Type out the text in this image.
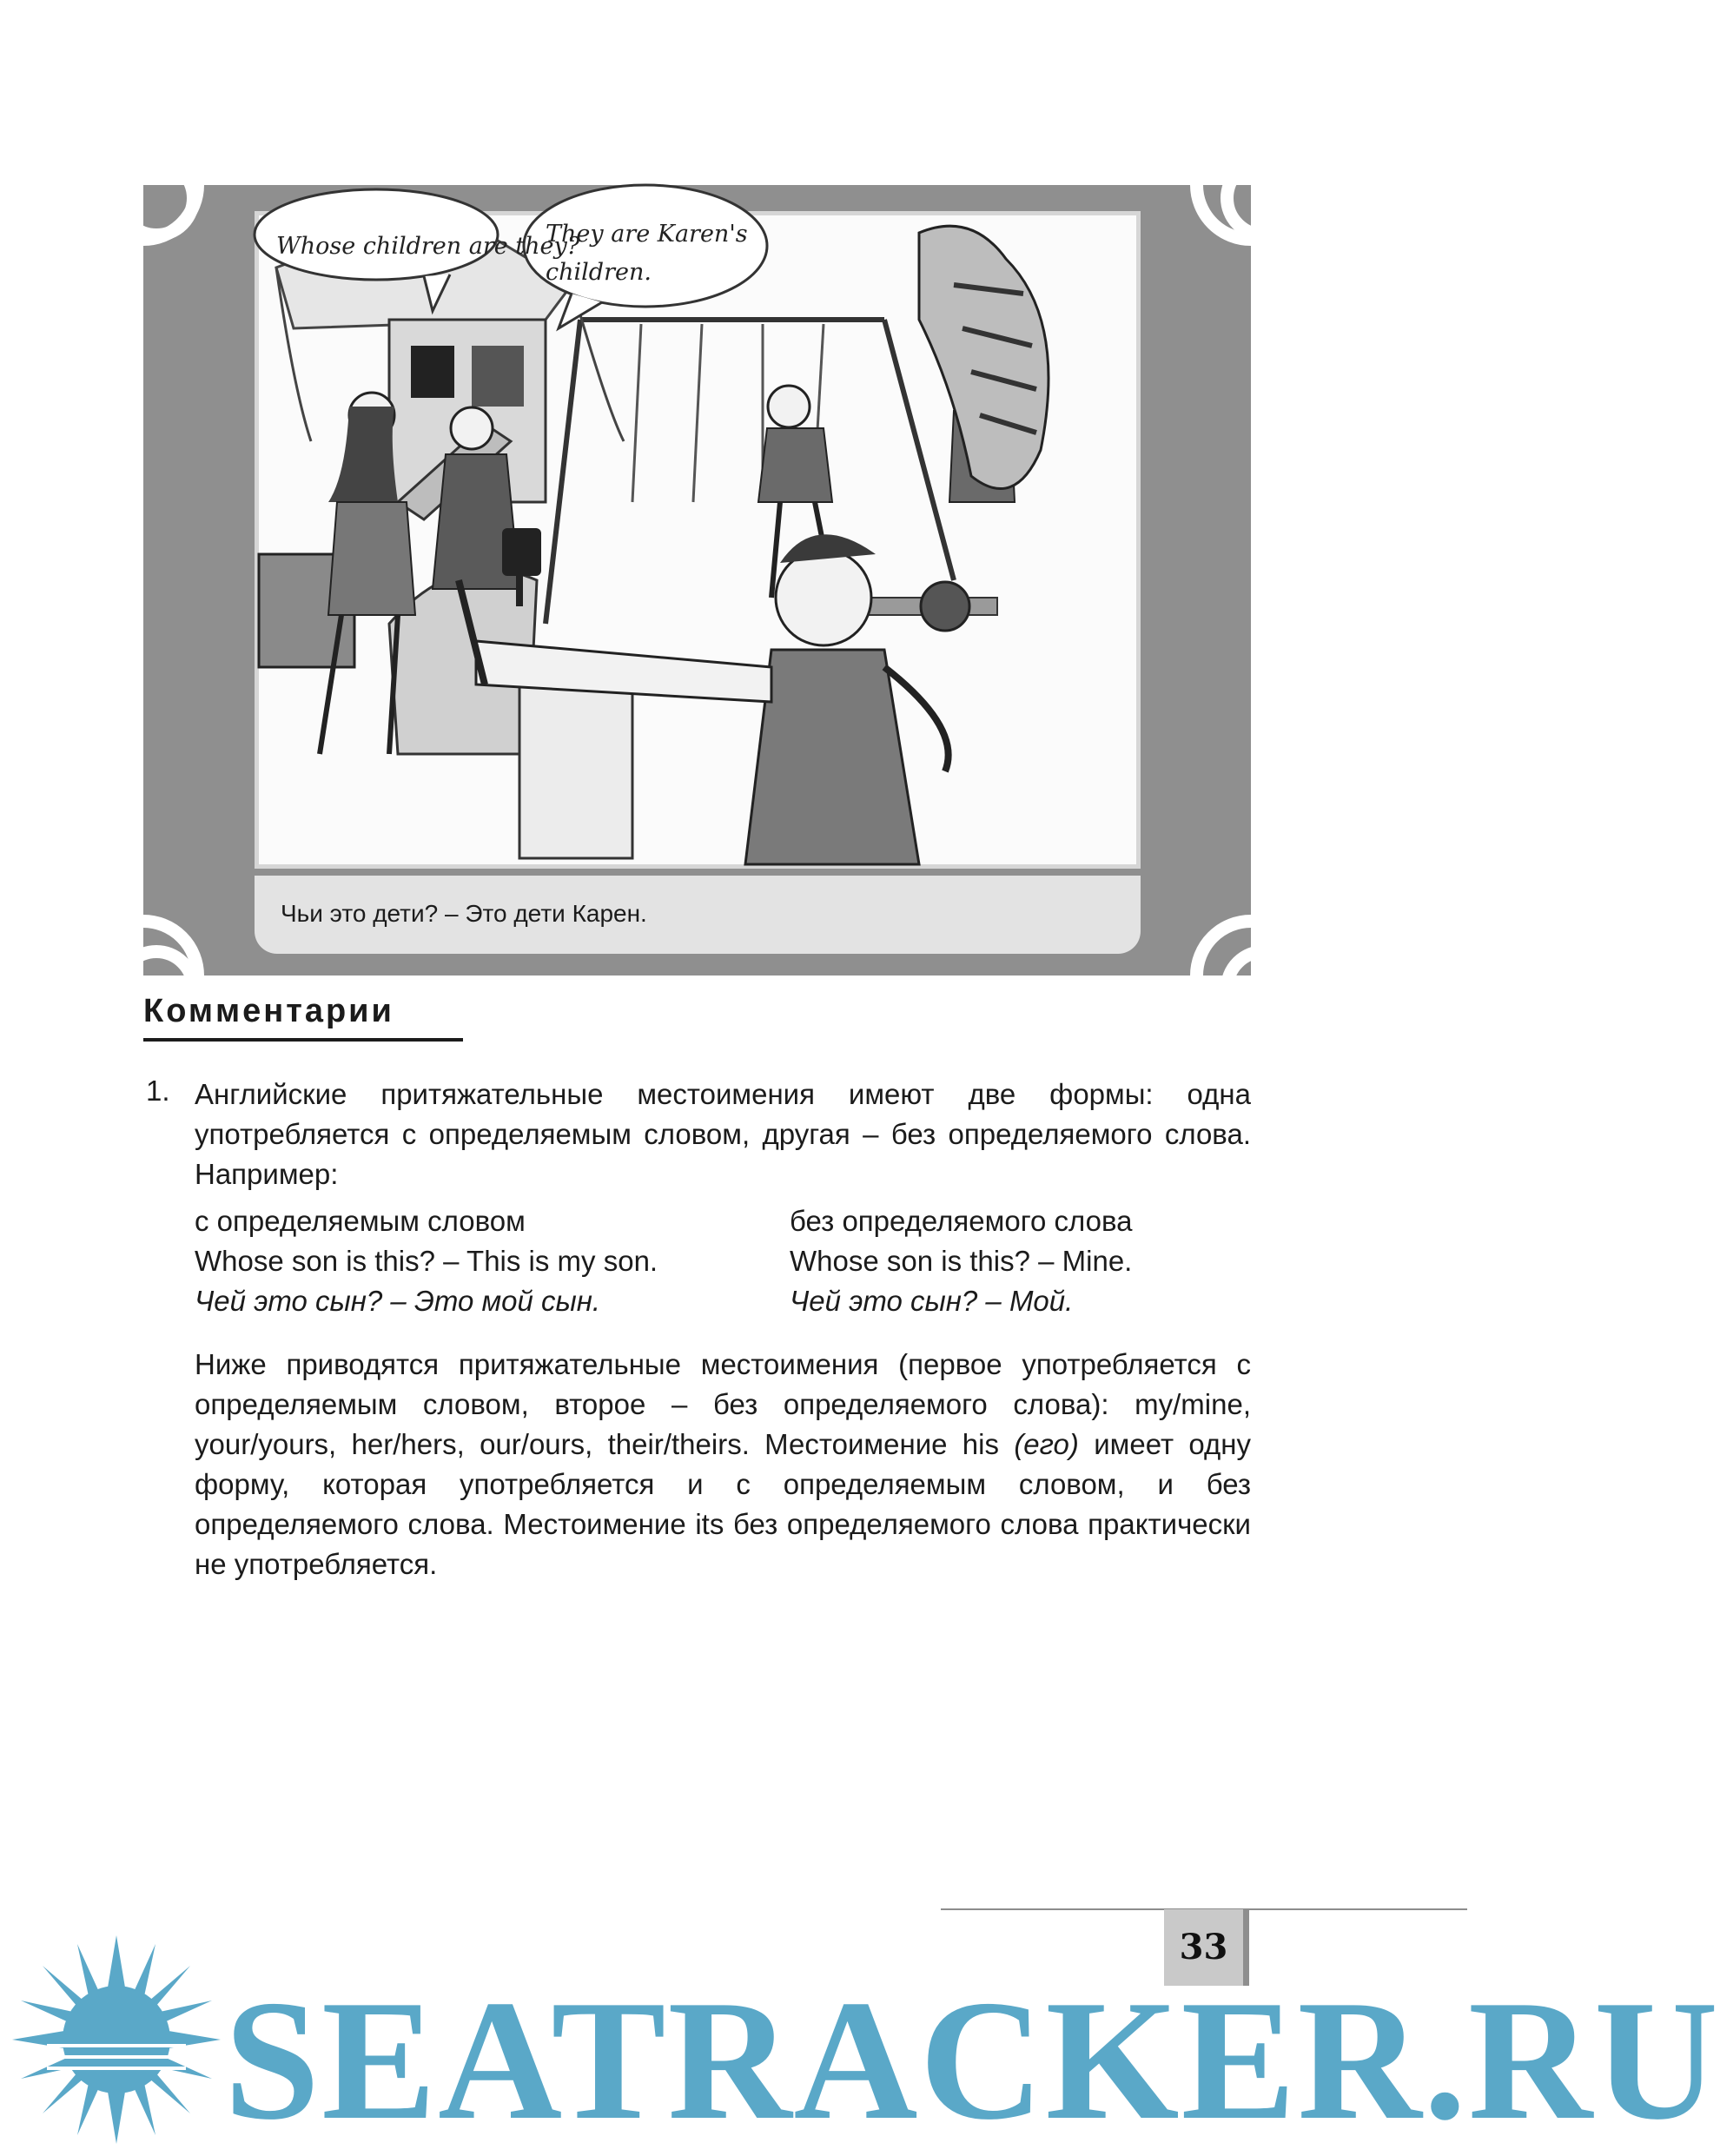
Whose children are they?
They are Karen's
children.
Чьи это дети? – Это дети Карен.
Комментарии
1. Английские притяжательные местоимения имеют две формы: одна употребляется с определяемым словом, другая – без определяемого слова. Например:
с определяемым словом
Whose son is this? – This is my son.
Чей это сын? – Это мой сын.
без определяемого слова
Whose son is this? – Mine.
Чей это сын? – Мой.
Ниже приводятся притяжательные местоимения (первое употребляется с определяемым словом, второе – без определяемого слова): my/mine, your/yours, her/hers, our/ours, their/theirs. Местоимение his (его) имеет одну форму, которая употребляется и с определяемым словом, и без определяемого слова. Местоимение its без определяемого слова практически не употребляется.
33
SEATRACKER.RU
